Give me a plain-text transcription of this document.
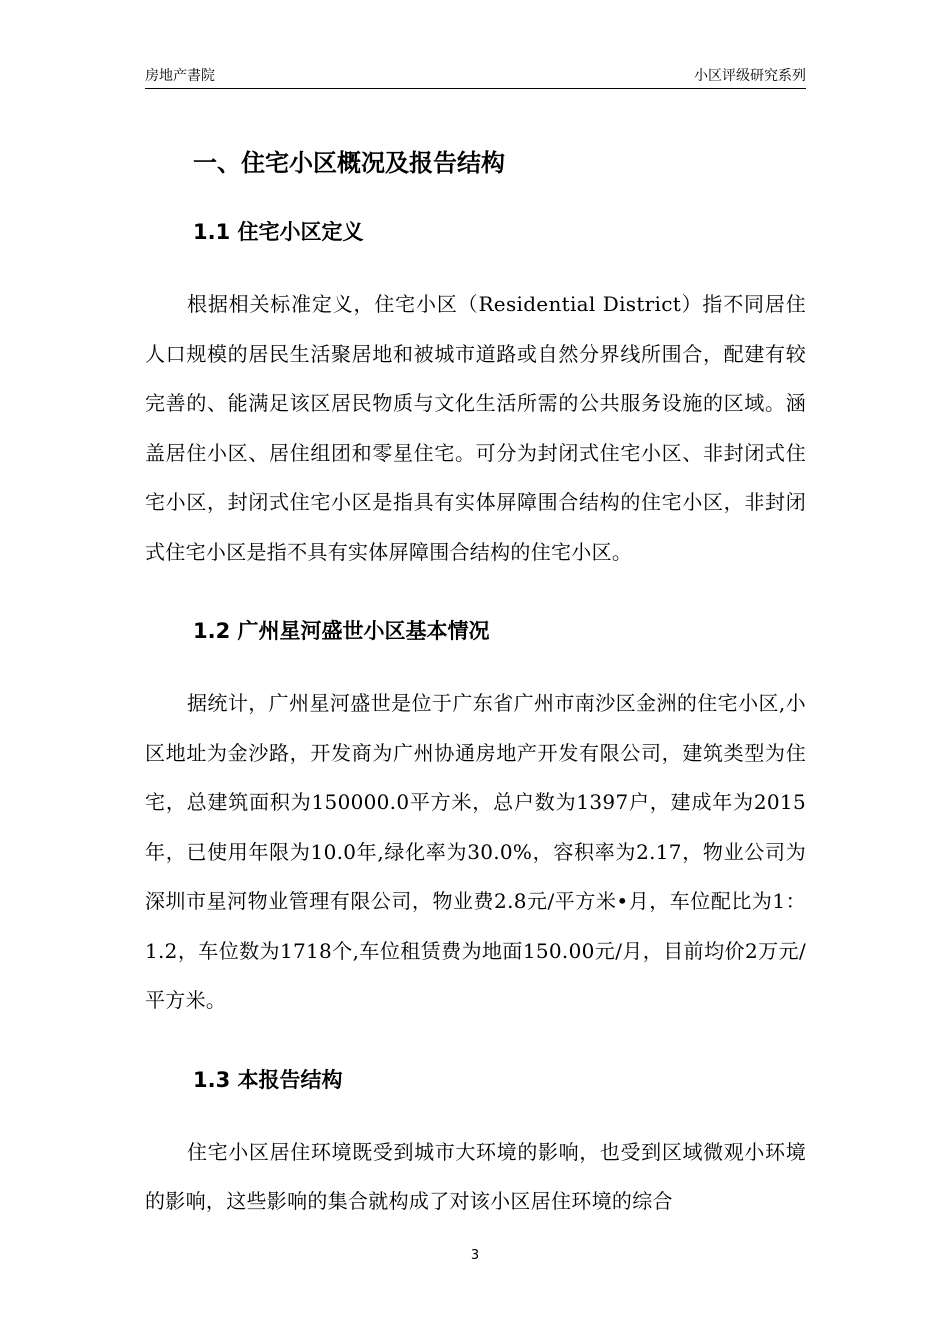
房地产書院	小区评级研究系列
一、住宅小区概况及报告结构
1.1 住宅小区定义

根据相关标准定义，住宅小区（Residential District）指不同居住人口规模的居民生活聚居地和被城市道路或自然分界线所围合，配建有较完善的、能满足该区居民物质与文化生活所需的公共服务设施的区域。涵盖居住小区、居住组团和零星住宅。可分为封闭式住宅小区、非封闭式住宅小区，封闭式住宅小区是指具有实体屏障围合结构的住宅小区，非封闭式住宅小区是指不具有实体屏障围合结构的住宅小区。

1.2 广州星河盛世小区基本情况

据统计，广州星河盛世是位于广东省广州市南沙区金洲的住宅小区,小区地址为金沙路，开发商为广州协通房地产开发有限公司，建筑类型为住宅，总建筑面积为150000.0平方米，总户数为1397户，建成年为2015年，已使用年限为10.0年,绿化率为30.0%，容积率为2.17，物业公司为深圳市星河物业管理有限公司，物业费2.8元/平方米•月，车位配比为1：1.2，车位数为1718个,车位租赁费为地面150.00元/月，目前均价2万元/平方米。

1.3 本报告结构

住宅小区居住环境既受到城市大环境的影响，也受到区域微观小环境的影响，这些影响的集合就构成了对该小区居住环境的综合

3
